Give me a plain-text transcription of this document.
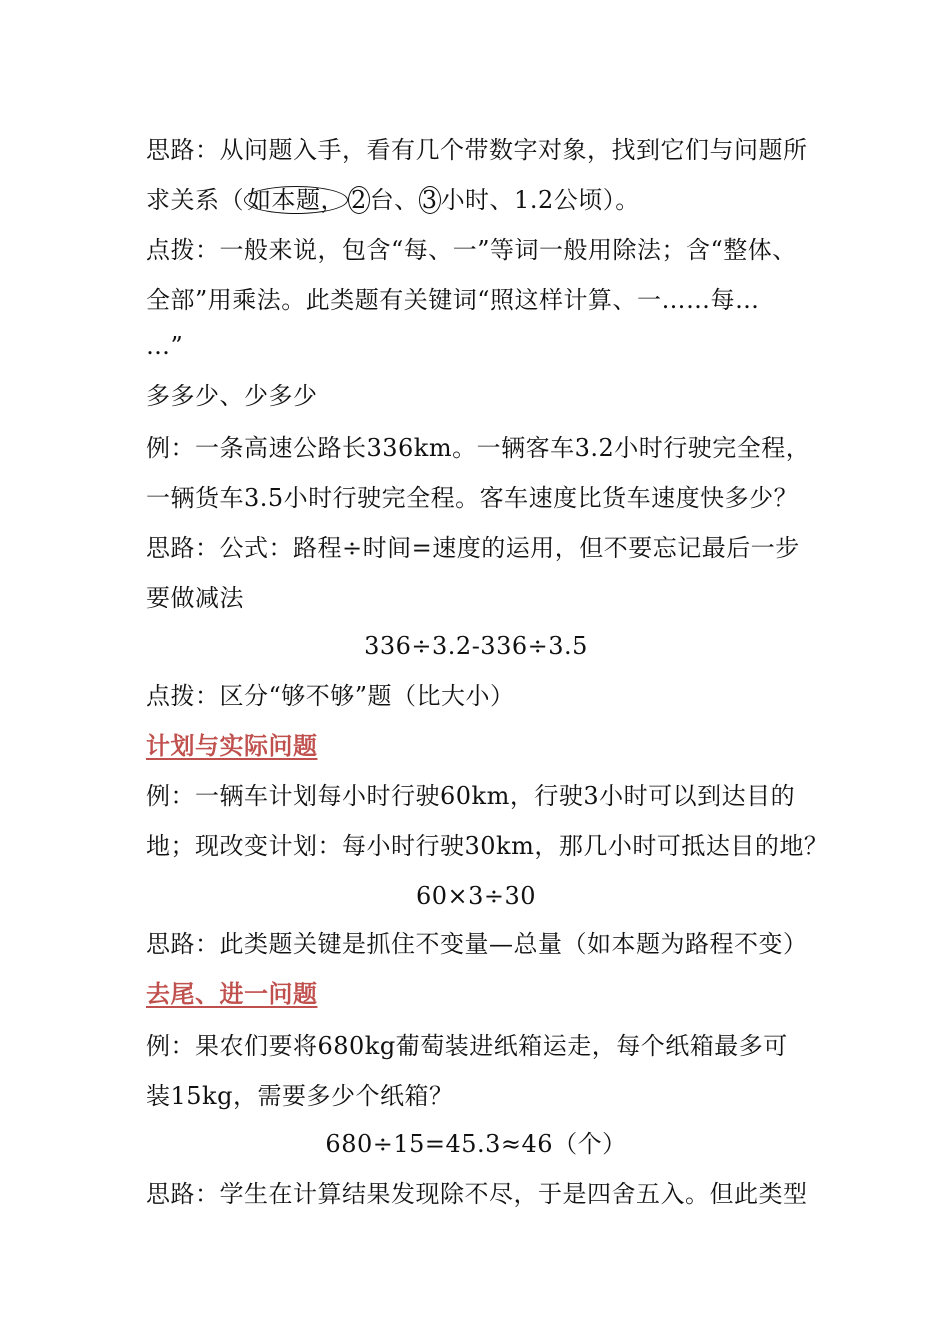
思路：从问题入手，看有几个带数字对象，找到它们与问题所
求关系（ 如本题， 2 台、 3 小时、1.2公顷）。
点拨：一般来说，包含“每、一”等词一般用除法；含“整体、
全部”用乘法。此类题有关键词“照这样计算、一……每…
…”
多多少、少多少
例：一条高速公路长336km。一辆客车3.2小时行驶完全程，
一辆货车3.5小时行驶完全程。客车速度比货车速度快多少？
思路：公式：路程÷时间=速度的运用，但不要忘记最后一步
要做减法
336÷3.2-336÷3.5
点拨：区分“够不够”题（比大小）
计划与实际问题
例：一辆车计划每小时行驶60km，行驶3小时可以到达目的
地；现改变计划：每小时行驶30km，那几小时可抵达目的地？
60×3÷30
思路：此类题关键是抓住不变量—总量（如本题为路程不变）
去尾、进一问题
例：果农们要将680kg葡萄装进纸箱运走，每个纸箱最多可
装15kg，需要多少个纸箱？
680÷15=45.3≈46（个）
思路：学生在计算结果发现除不尽，于是四舍五入。但此类型
